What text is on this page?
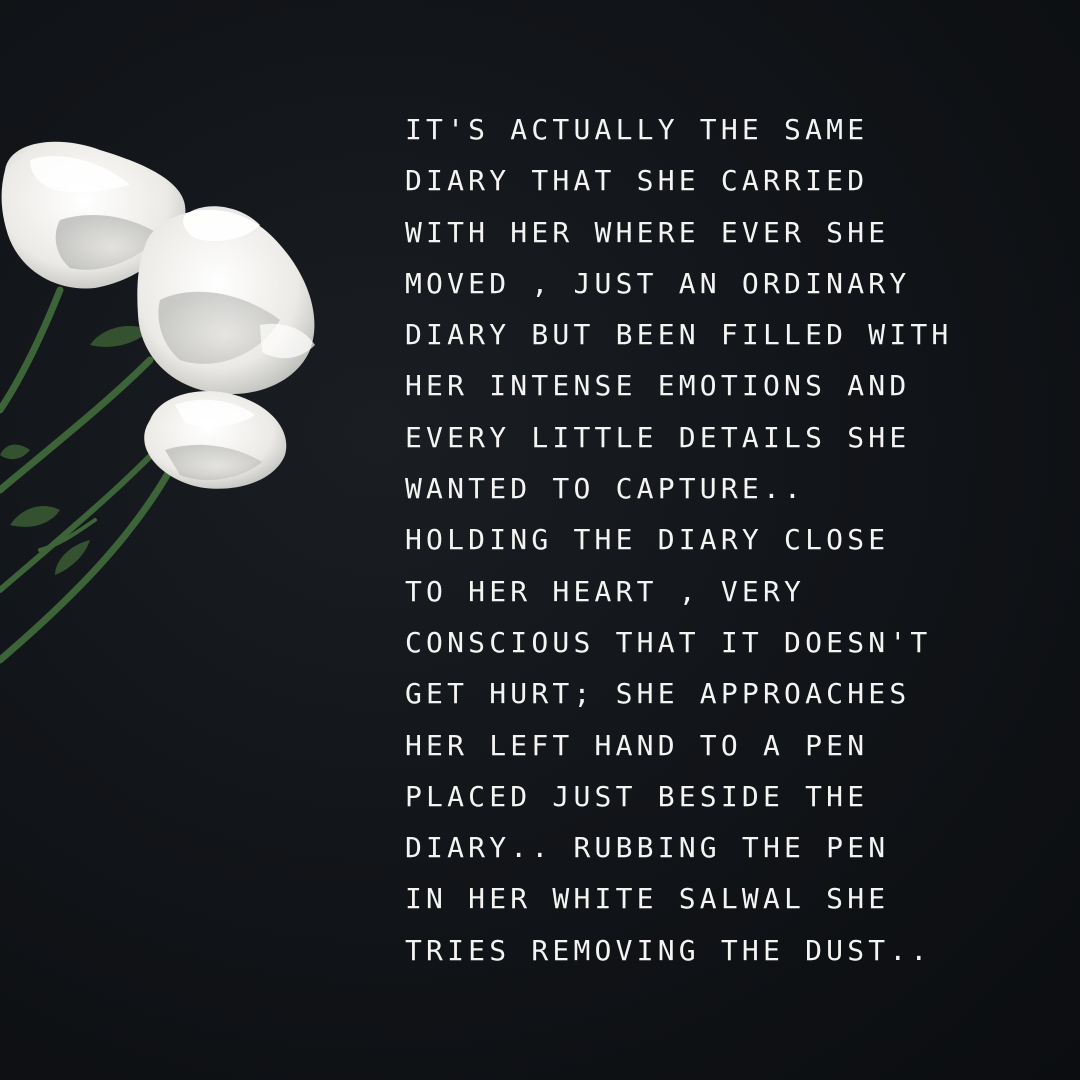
IT'S ACTUALLY THE SAME
DIARY THAT SHE CARRIED
WITH HER WHERE EVER SHE
MOVED , JUST AN ORDINARY
DIARY BUT BEEN FILLED WITH
HER INTENSE EMOTIONS AND
EVERY LITTLE DETAILS SHE
WANTED TO CAPTURE..
HOLDING THE DIARY CLOSE
TO HER HEART , VERY
CONSCIOUS THAT IT DOESN'T
GET HURT; SHE APPROACHES
HER LEFT HAND TO A PEN
PLACED JUST BESIDE THE
DIARY.. RUBBING THE PEN
IN HER WHITE SALWAL SHE
TRIES REMOVING THE DUST..
